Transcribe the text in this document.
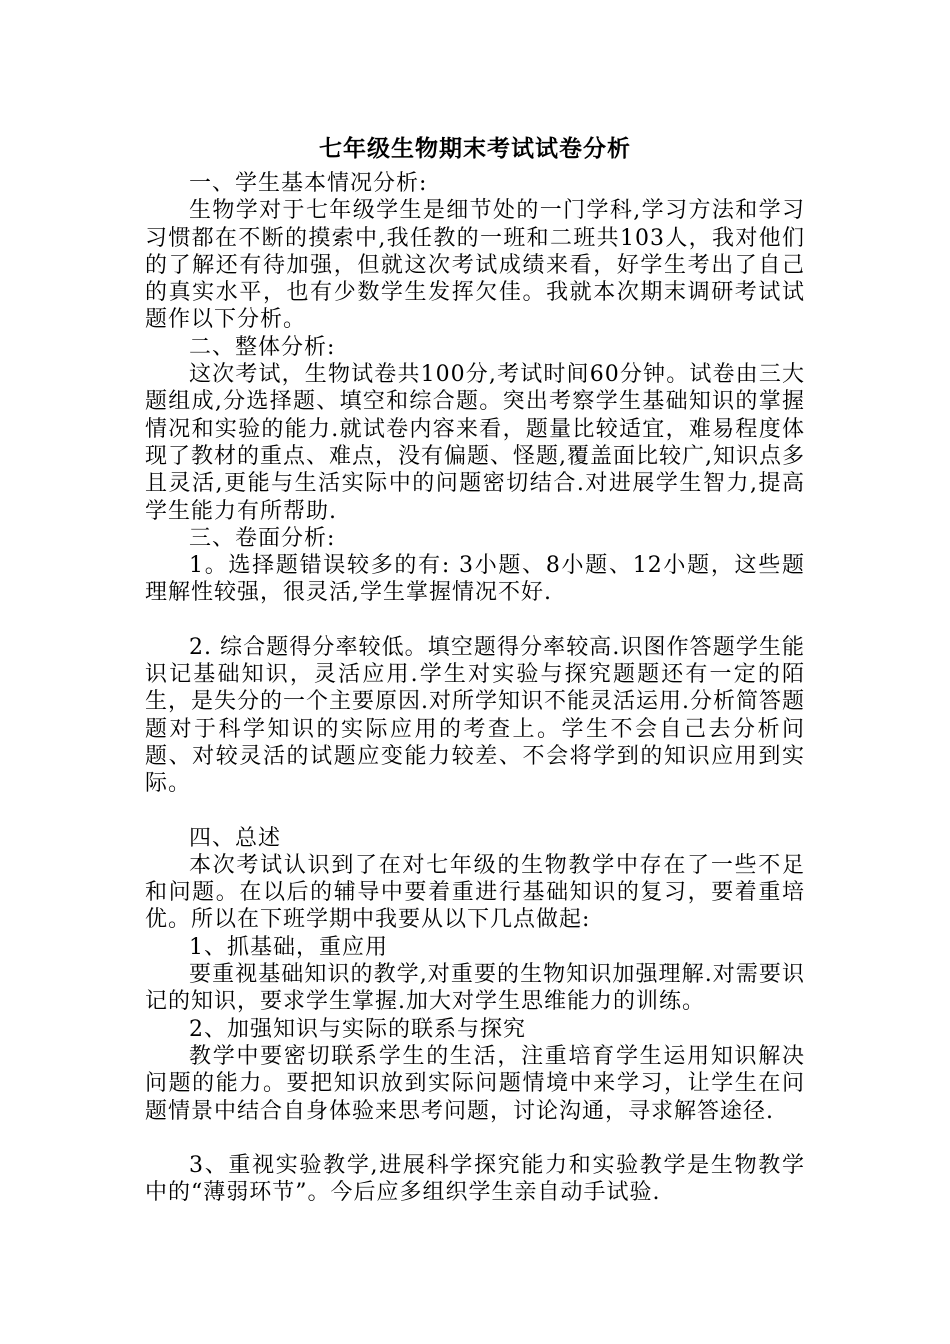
七年级生物期末考试试卷分析

一、学生基本情况分析:

生物学对于七年级学生是细节处的一门学科,学习方法和学习习惯都在不断的摸索中,我任教的一班和二班共103人，我对他们的了解还有待加强，但就这次考试成绩来看，好学生考出了自己的真实水平，也有少数学生发挥欠佳。我就本次期末调研考试试题作以下分析。

二、整体分析:

这次考试，生物试卷共100分,考试时间60分钟。试卷由三大题组成,分选择题、填空和综合题。突出考察学生基础知识的掌握情况和实验的能力.就试卷内容来看，题量比较适宜，难易程度体现了教材的重点、难点，没有偏题、怪题,覆盖面比较广,知识点多且灵活,更能与生活实际中的问题密切结合.对进展学生智力,提高学生能力有所帮助.

三、卷面分析:

1。选择题错误较多的有: 3小题、8小题、12小题，这些题理解性较强，很灵活,学生掌握情况不好.

2. 综合题得分率较低。填空题得分率较高.识图作答题学生能识记基础知识，灵活应用.学生对实验与探究题题还有一定的陌生，是失分的一个主要原因.对所学知识不能灵活运用.分析简答题题对于科学知识的实际应用的考查上。学生不会自己去分析问题、对较灵活的试题应变能力较差、不会将学到的知识应用到实际。

四、总述

本次考试认识到了在对七年级的生物教学中存在了一些不足和问题。在以后的辅导中要着重进行基础知识的复习，要着重培优。所以在下班学期中我要从以下几点做起:

1、抓基础，重应用

要重视基础知识的教学,对重要的生物知识加强理解.对需要识记的知识，要求学生掌握.加大对学生思维能力的训练。

2、加强知识与实际的联系与探究

教学中要密切联系学生的生活，注重培育学生运用知识解决问题的能力。要把知识放到实际问题情境中来学习，让学生在问题情景中结合自身体验来思考问题，讨论沟通，寻求解答途径.

3、重视实验教学,进展科学探究能力和实验教学是生物教学中的“薄弱环节”。今后应多组织学生亲自动手试验.
